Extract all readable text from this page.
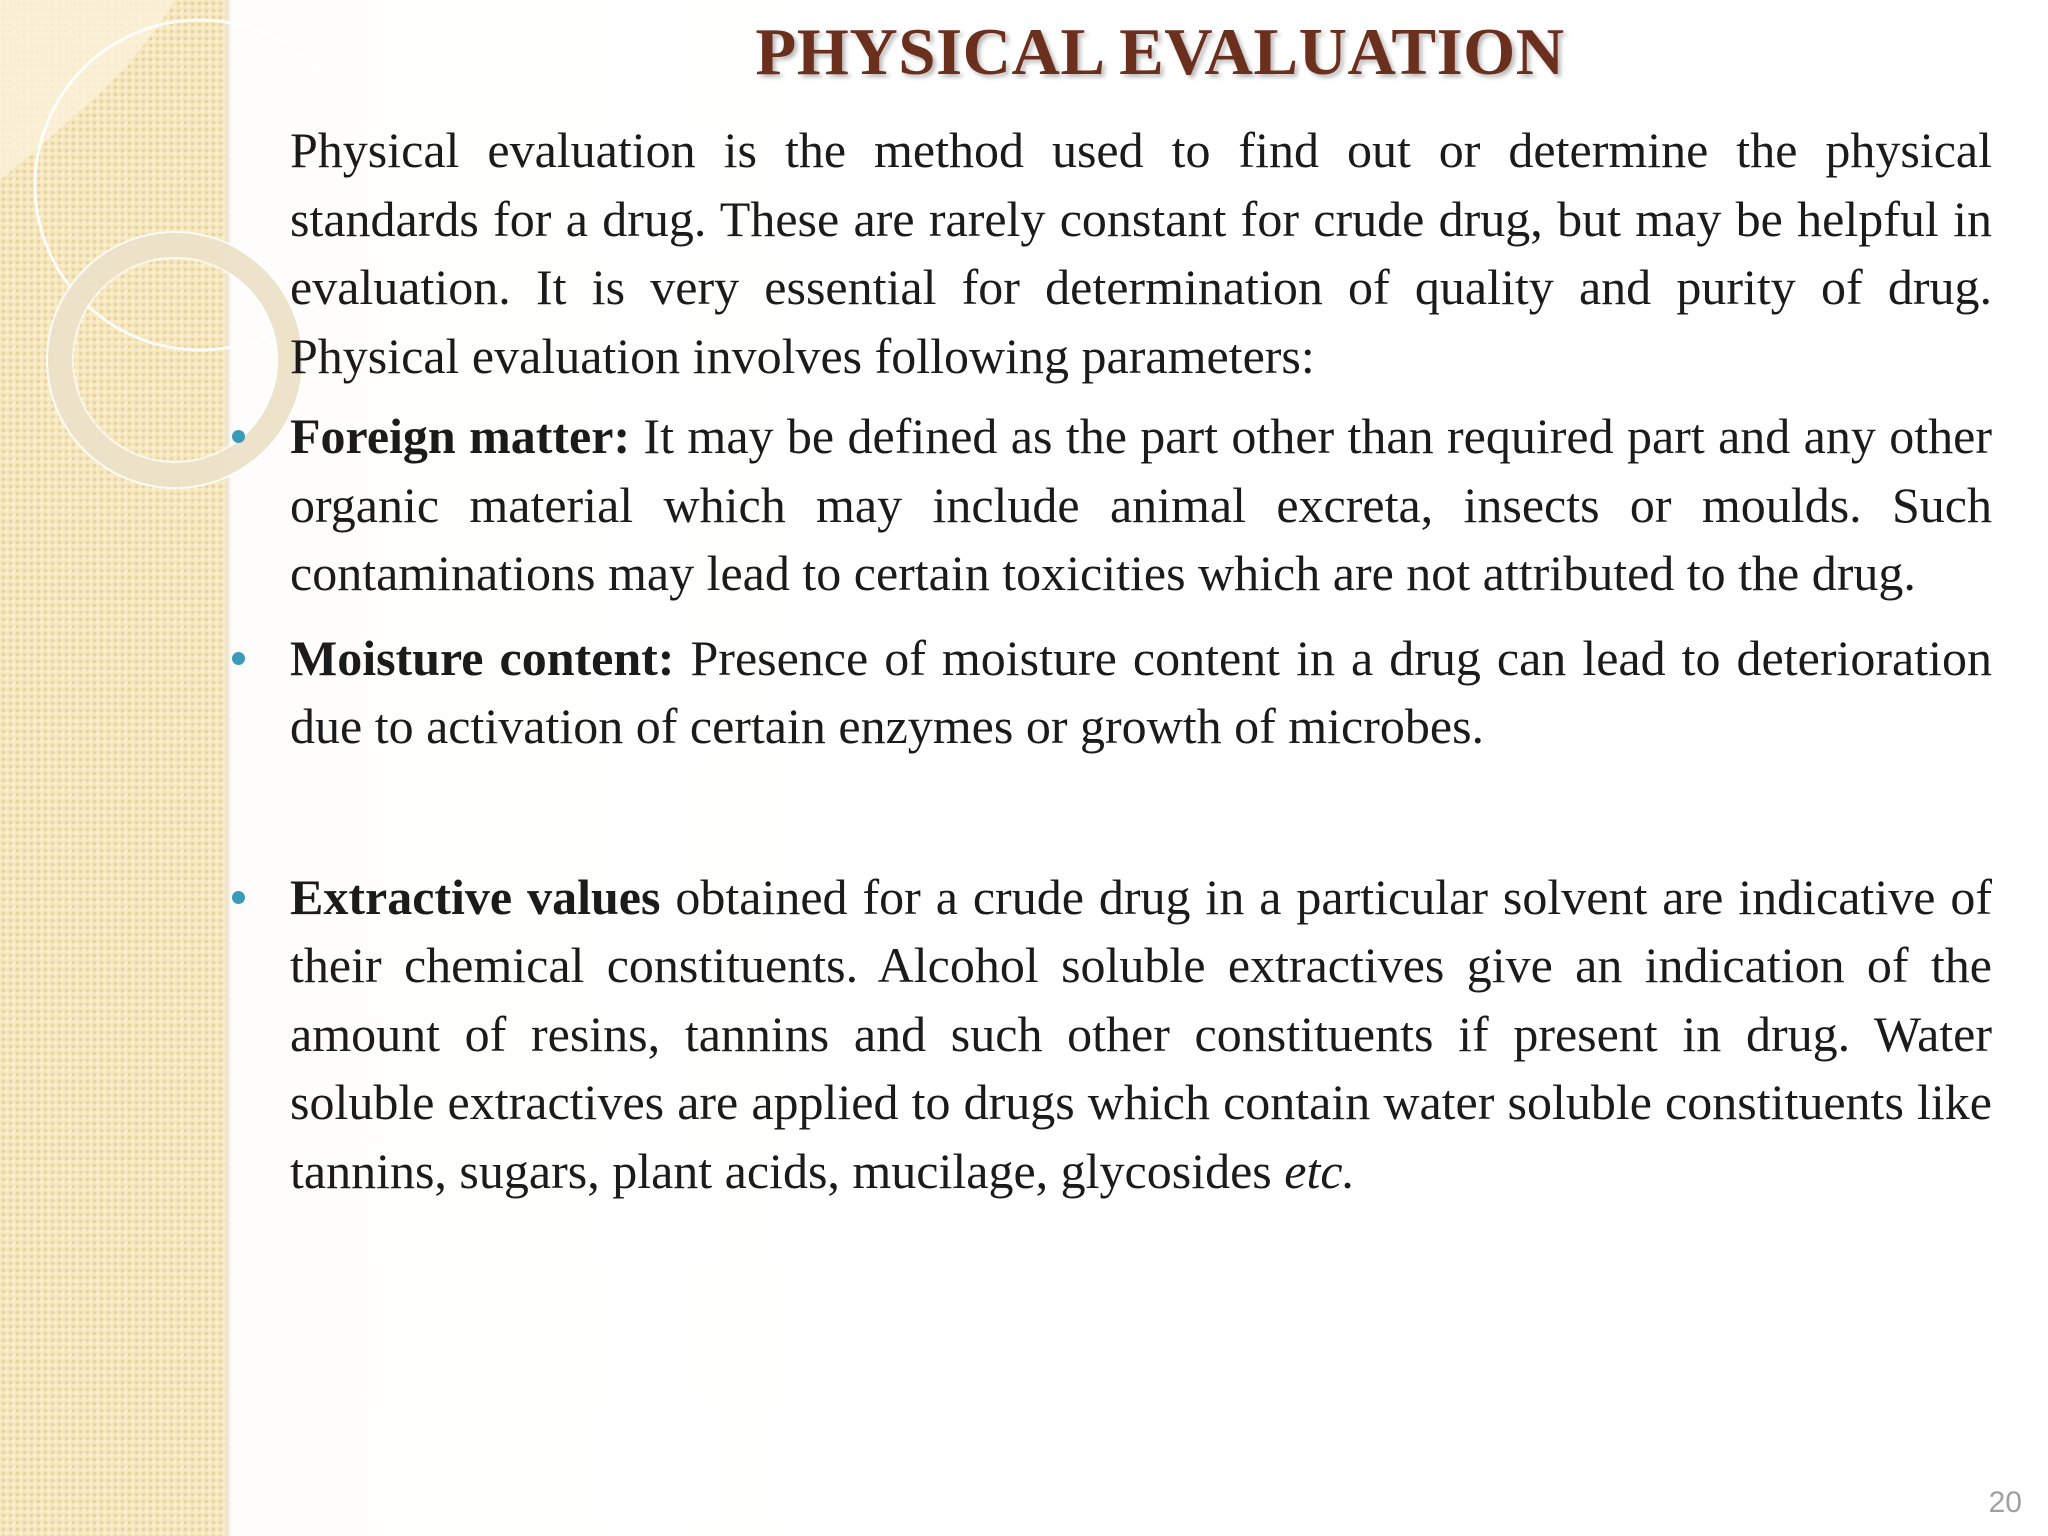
PHYSICAL EVALUATION

Physical evaluation is the method used to find out or determine the physical standards for a drug. These are rarely constant for crude drug, but may be helpful in evaluation. It is very essential for determination of quality and purity of drug. Physical evaluation involves following parameters:

Foreign matter: It may be defined as the part other than required part and any other organic material which may include animal excreta, insects or moulds. Such contaminations may lead to certain toxicities which are not attributed to the drug.
Moisture content: Presence of moisture content in a drug can lead to deterioration due to activation of certain enzymes or growth of microbes.
Extractive values obtained for a crude drug in a particular solvent are indicative of their chemical constituents. Alcohol soluble extractives give an indication of the amount of resins, tannins and such other constituents if present in drug. Water soluble extractives are applied to drugs which contain water soluble constituents like tannins, sugars, plant acids, mucilage, glycosides etc.
20
